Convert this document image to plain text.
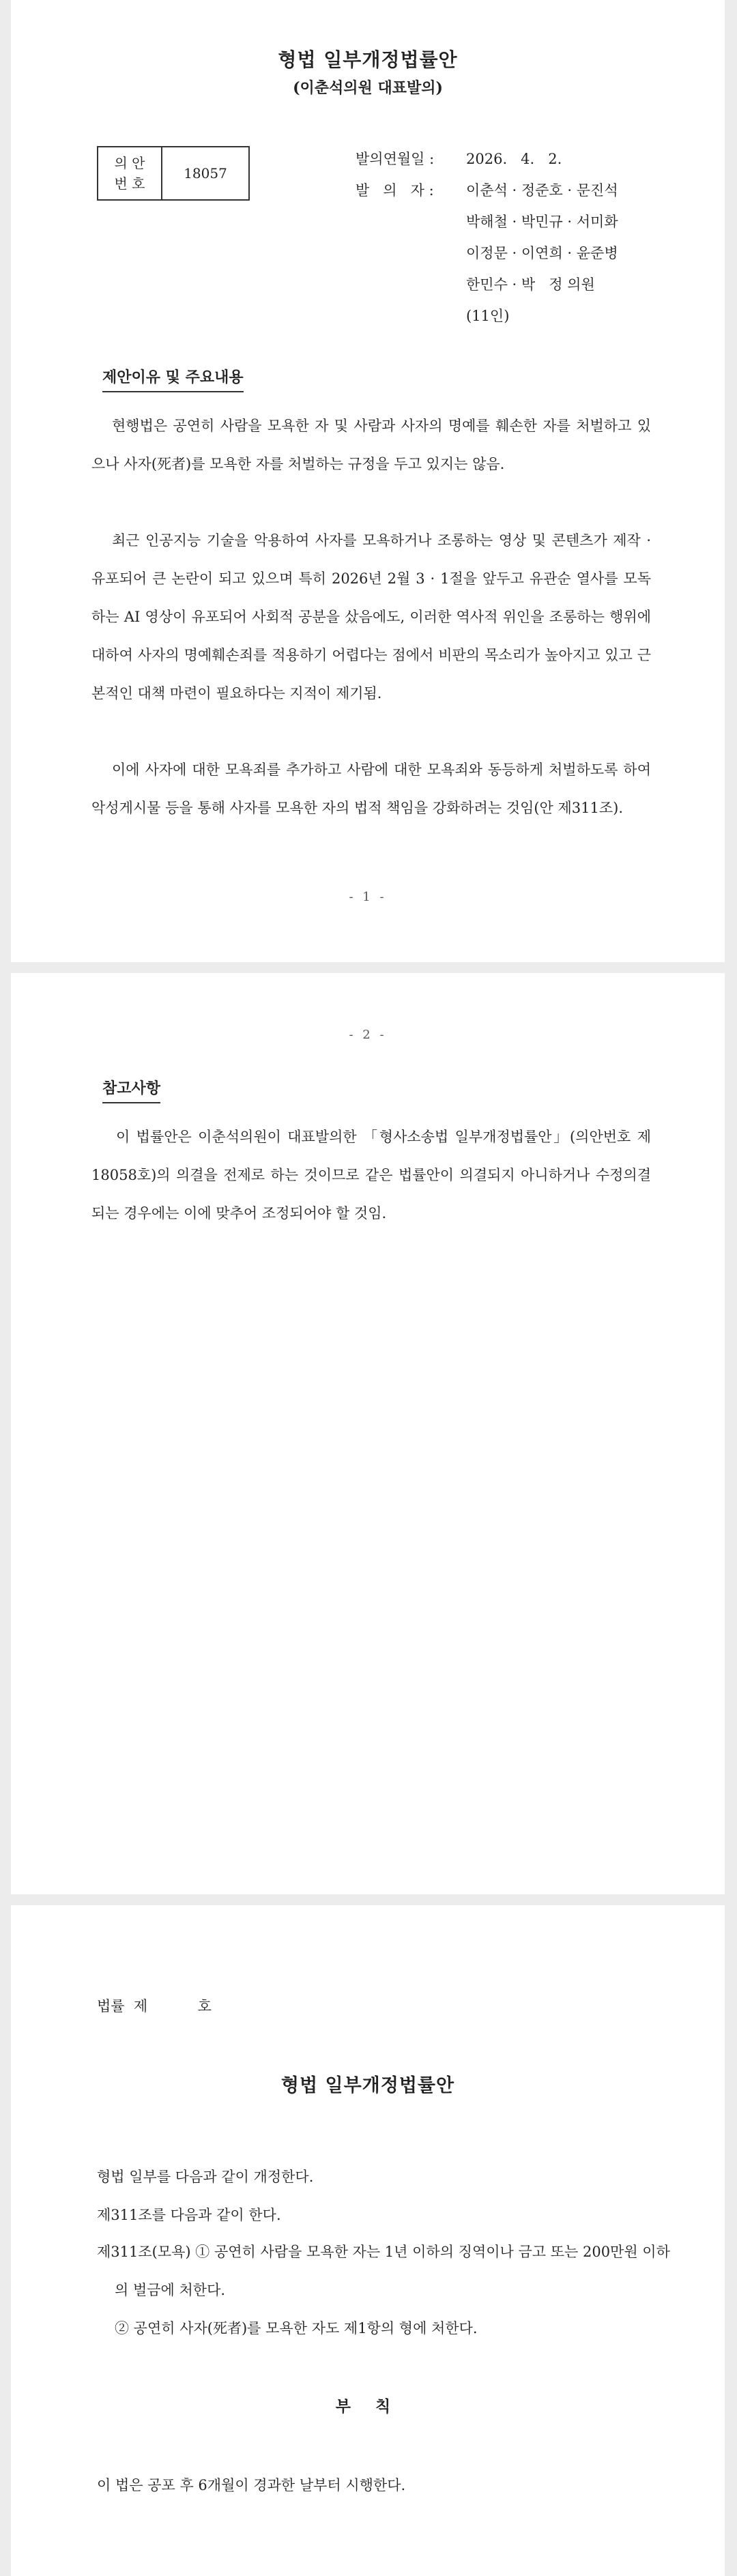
형법 일부개정법률안
(이춘석의원 대표발의)
의 안
번 호
18057
발의연월일 :	2026.   4.   2.
발   의   자 :	이춘석 · 정준호 · 문진석
박해철 · 박민규 · 서미화
이정문 · 이연희 · 윤준병
한민수 · 박   정 의원
(11인)
제안이유 및 주요내용
현행법은 공연히 사람을 모욕한 자 및 사람과 사자의 명예를 훼손한 자를 처벌하고 있으나 사자(死者)를 모욕한 자를 처벌하는 규정을 두고 있지는 않음.
최근 인공지능 기술을 악용하여 사자를 모욕하거나 조롱하는 영상 및 콘텐츠가 제작 · 유포되어 큰 논란이 되고 있으며 특히 2026년 2월 3 · 1절을 앞두고 유관순 열사를 모독하는 AI 영상이 유포되어 사회적 공분을 샀음에도, 이러한 역사적 위인을 조롱하는 행위에 대하여 사자의 명예훼손죄를 적용하기 어렵다는 점에서 비판의 목소리가 높아지고 있고 근본적인 대책 마련이 필요하다는 지적이 제기됨.
이에 사자에 대한 모욕죄를 추가하고 사람에 대한 모욕죄와 동등하게 처벌하도록 하여 악성게시물 등을 통해 사자를 모욕한 자의 법적 책임을 강화하려는 것임(안 제311조).
- 1 -
- 2 -
참고사항
이 법률안은 이춘석의원이 대표발의한 「형사소송법 일부개정법률안」(의안번호 제18058호)의 의결을 전제로 하는 것이므로 같은 법률안이 의결되지 아니하거나 수정의결 되는 경우에는 이에 맞추어 조정되어야 할 것임.
법률  제           호
형법 일부개정법률안
형법 일부를 다음과 같이 개정한다.
제311조를 다음과 같이 한다.
제311조(모욕) ① 공연히 사람을 모욕한 자는 1년 이하의 징역이나 금고 또는 200만원 이하의 벌금에 처한다.
② 공연히 사자(死者)를 모욕한 자도 제1항의 형에 처한다.
부 칙
이 법은 공포 후 6개월이 경과한 날부터 시행한다.
